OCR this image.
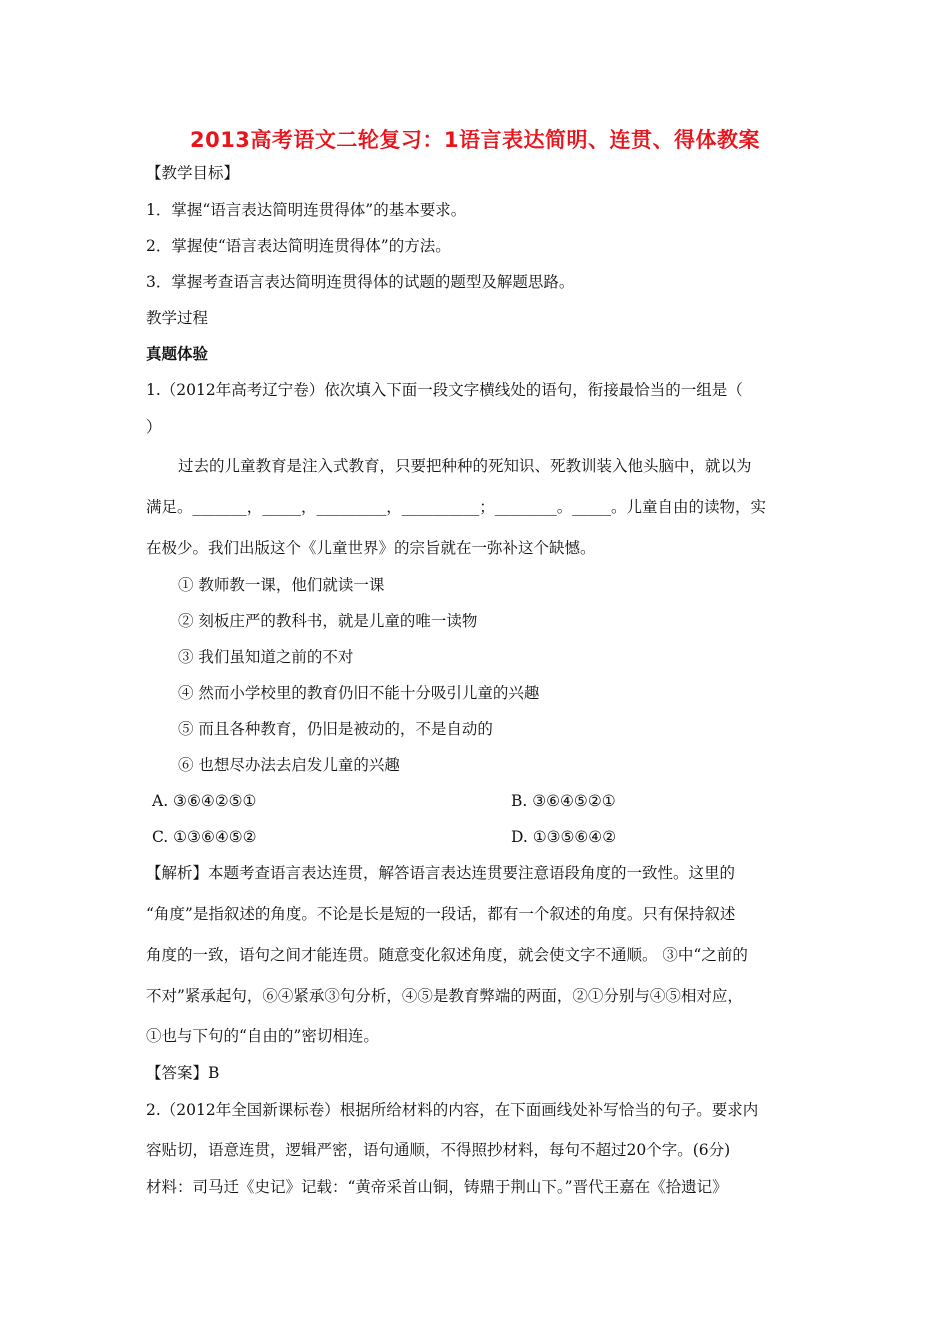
2013高考语文二轮复习：1语言表达简明、连贯、得体教案
【教学目标】
1．掌握“语言表达简明连贯得体”的基本要求。
2．掌握使“语言表达简明连贯得体”的方法。
3．掌握考查语言表达简明连贯得体的试题的题型及解题思路。
教学过程
真题体验
1.（2012年高考辽宁卷）依次填入下面一段文字横线处的语句，衔接最恰当的一组是（
）
过去的儿童教育是注入式教育，只要把种种的死知识、死教训装入他头脑中，就以为
满足。_______，_____，_________，__________；________。_____。儿童自由的读物，实
在极少。我们出版这个《儿童世界》的宗旨就在一弥补这个缺憾。
① 教师教一课，他们就读一课
② 刻板庄严的教科书，就是儿童的唯一读物
③ 我们虽知道之前的不对
④ 然而小学校里的教育仍旧不能十分吸引儿童的兴趣
⑤ 而且各种教育，仍旧是被动的，不是自动的
⑥ 也想尽办法去启发儿童的兴趣
A. ③⑥④②⑤①	B. ③⑥④⑤②①
C. ①③⑥④⑤②	D. ①③⑤⑥④②
【解析】本题考查语言表达连贯，解答语言表达连贯要注意语段角度的一致性。这里的
“角度”是指叙述的角度。不论是长是短的一段话，都有一个叙述的角度。只有保持叙述
角度的一致，语句之间才能连贯。随意变化叙述角度，就会使文字不通顺。 ③中“之前的
不对”紧承起句，⑥④紧承③句分析，④⑤是教育弊端的两面，②①分别与④⑤相对应，
①也与下句的“自由的”密切相连。
【答案】B
2.（2012年全国新课标卷）根据所给材料的内容，在下面画线处补写恰当的句子。要求内
容贴切，语意连贯，逻辑严密，语句通顺，不得照抄材料，每句不超过20个字。(6分)
材料：司马迁《史记》记载：“黄帝采首山铜，铸鼎于荆山下。”晋代王嘉在《拾遗记》
